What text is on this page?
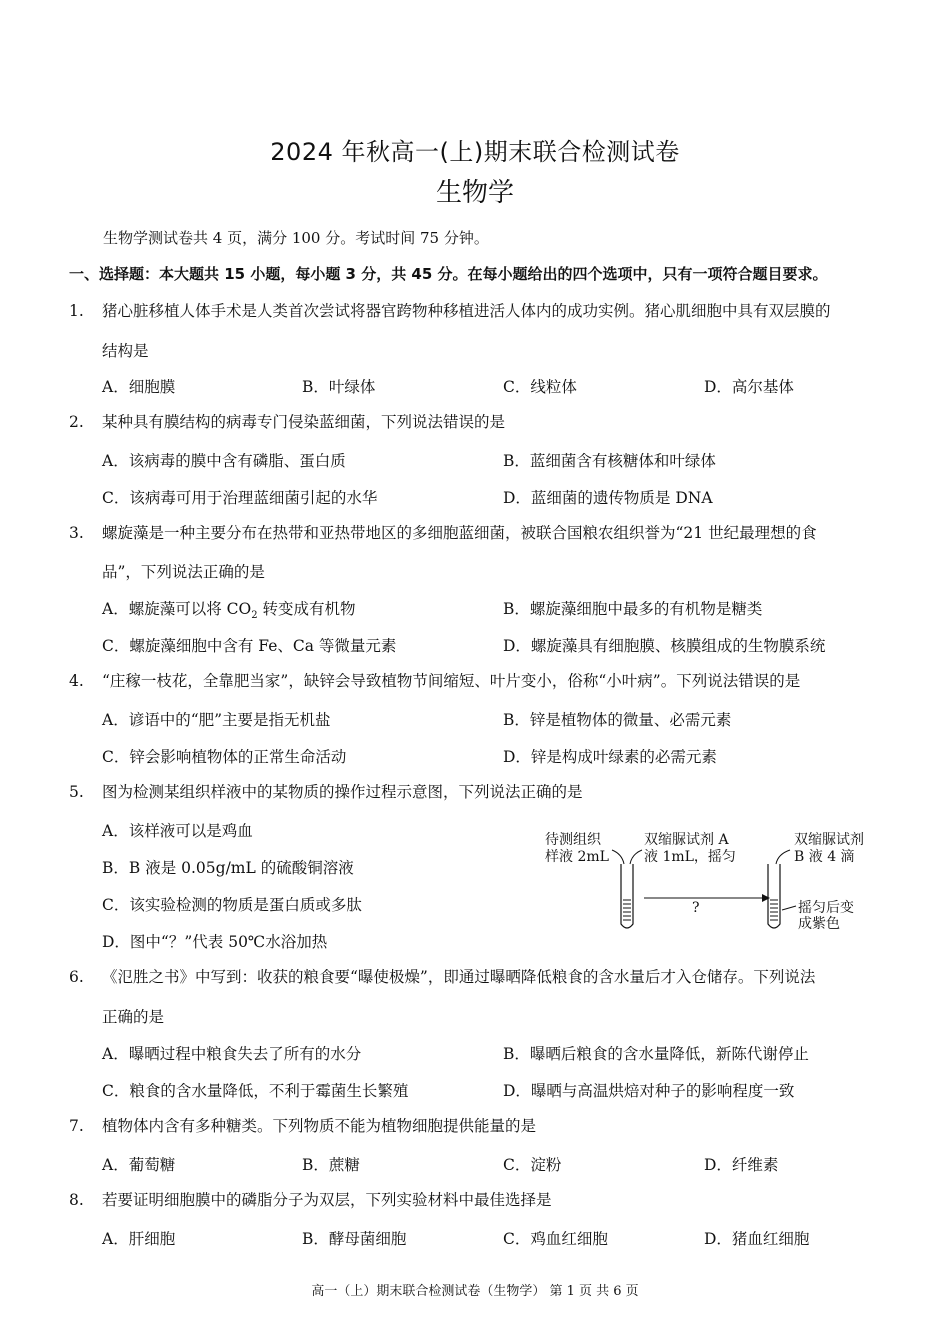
2024 年秋高一(上)期末联合检测试卷
生物学
生物学测试卷共 4 页，满分 100 分。考试时间 75 分钟。
一、选择题：本大题共 15 小题，每小题 3 分，共 45 分。在每小题给出的四个选项中，只有一项符合题目要求。
1.	猪心脏移植人体手术是人类首次尝试将器官跨物种移植进活人体内的成功实例。猪心肌细胞中具有双层膜的
结构是
A．细胞膜	B．叶绿体	C．线粒体	D．高尔基体
2.	某种具有膜结构的病毒专门侵染蓝细菌，下列说法错误的是
A．该病毒的膜中含有磷脂、蛋白质	B．蓝细菌含有核糖体和叶绿体
C．该病毒可用于治理蓝细菌引起的水华	D．蓝细菌的遗传物质是 DNA
3.	螺旋藻是一种主要分布在热带和亚热带地区的多细胞蓝细菌，被联合国粮农组织誉为“21 世纪最理想的食
品”，下列说法正确的是
A．螺旋藻可以将 $CO_2$ 转变成有机物	B．螺旋藻细胞中最多的有机物是糖类
C．螺旋藻细胞中含有 Fe、Ca 等微量元素	D．螺旋藻具有细胞膜、核膜组成的生物膜系统
4.	“庄稼一枝花，全靠肥当家”，缺锌会导致植物节间缩短、叶片变小，俗称“小叶病”。下列说法错误的是
A．谚语中的“肥”主要是指无机盐	B．锌是植物体的微量、必需元素
C．锌会影响植物体的正常生命活动	D．锌是构成叶绿素的必需元素
5.	图为检测某组织样液中的某物质的操作过程示意图，下列说法正确的是
A．该样液可以是鸡血
B．B 液是 0.05g/mL 的硫酸铜溶液
C．该实验检测的物质是蛋白质或多肽
D．图中“？”代表 50℃水浴加热
待测组织
样液 2mL
双缩脲试剂 A
液 1mL，摇匀
双缩脲试剂
B 液 4 滴
摇匀后变
成紫色
?
6.	《氾胜之书》中写到：收获的粮食要“曝使极燥”，即通过曝晒降低粮食的含水量后才入仓储存。下列说法
正确的是
A．曝晒过程中粮食失去了所有的水分	B．曝晒后粮食的含水量降低，新陈代谢停止
C．粮食的含水量降低，不利于霉菌生长繁殖	D．曝晒与高温烘焙对种子的影响程度一致
7.	植物体内含有多种糖类。下列物质不能为植物细胞提供能量的是
A．葡萄糖	B．蔗糖	C．淀粉	D．纤维素
8.	若要证明细胞膜中的磷脂分子为双层，下列实验材料中最佳选择是
A．肝细胞	B．酵母菌细胞	C．鸡血红细胞	D．猪血红细胞
高一（上）期末联合检测试卷（生物学） 第 1 页 共 6 页
